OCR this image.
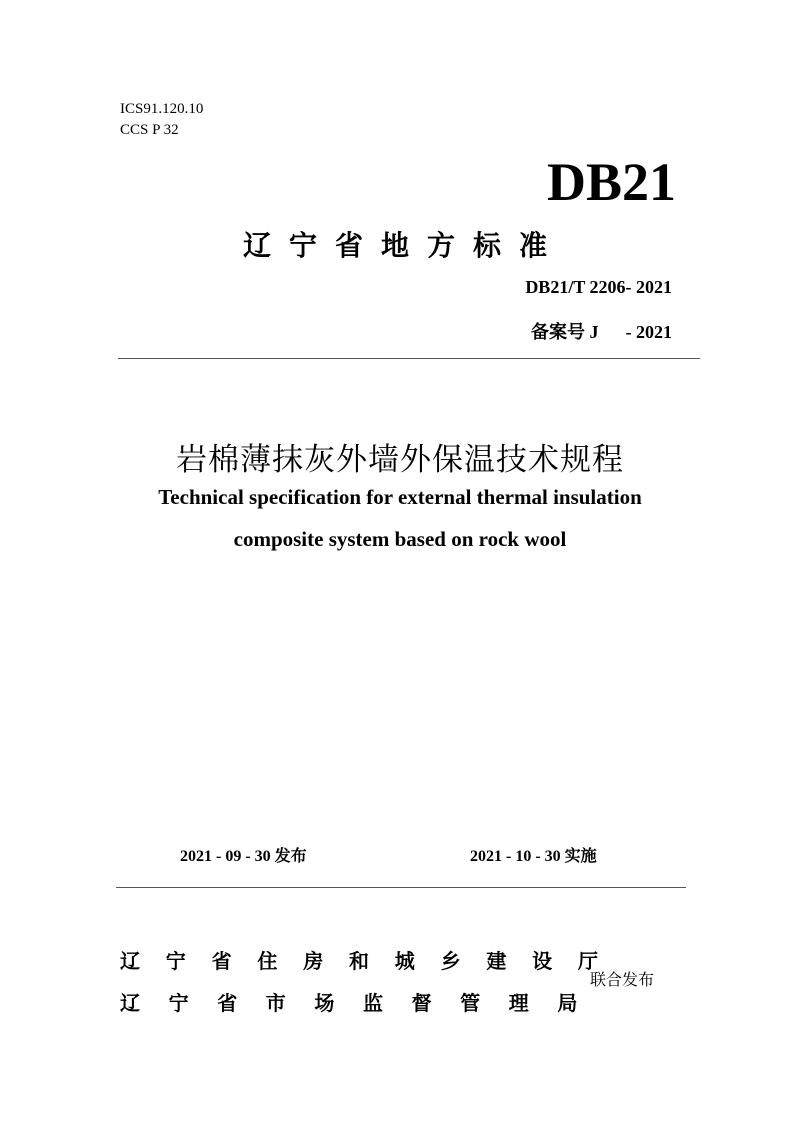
ICS91.120.10
CCS P 32
DB21
辽宁省地方标准
DB21/T 2206- 2021
备案号 J - 2021
岩棉薄抹灰外墙外保温技术规程
Technical specification for external thermal insulation
composite system based on rock wool
2021 - 09 - 30 发布	2021 - 10 - 30 实施
辽	宁	省	住	房	和	城	乡	建	设	厅
辽	宁	省	市	场	监	督	管	理	局
联合发布
